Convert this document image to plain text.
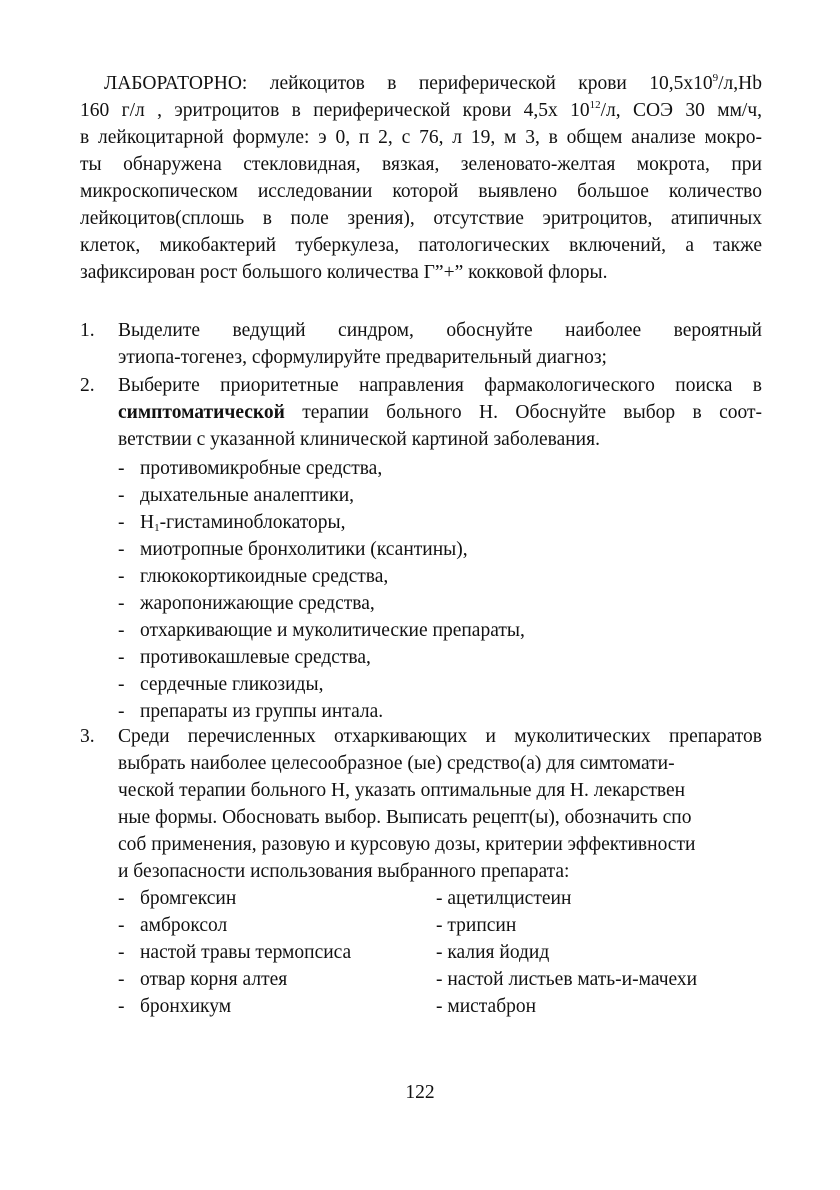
ЛАБОРАТОРНО: лейкоцитов в периферической крови $10,5х10^9/л,Hb$
160 г/л , эритроцитов в периферической крови 4,5х $10^{12}/л$, СОЭ 30 мм/ч,
в лейкоцитарной формуле: э 0, п 2, с 76, л 19, м 3, в общем анализе мокро-
ты обнаружена стекловидная, вязкая, зеленовато-желтая мокрота, при
микроскопическом исследовании которой выявлено большое количество
лейкоцитов(сплошь в поле зрения), отсутствие эритроцитов, атипичных
клеток, микобактерий туберкулеза, патологических включений, а также
зафиксирован рост большого количества Г”+” кокковой флоры.
1. Выделите ведущий синдром, обоснуйте наиболее вероятный
этиопа-тогенез, сформулируйте предварительный диагноз;
2. Выберите приоритетные направления фармакологического поиска в
симптоматической терапии больного Н. Обоснуйте выбор в соот-
ветствии с указанной клинической картиной заболевания.
- противомикробные средства,
- дыхательные аналептики,
- $H_1$-гистаминоблокаторы,
- миотропные бронхолитики (ксантины),
- глюкокортикоидные средства,
- жаропонижающие средства,
- отхаркивающие и муколитические препараты,
- противокашлевые средства,
- сердечные гликозиды,
- препараты из группы интала.
3. Среди перечисленных отхаркивающих и муколитических препаратов
выбрать наиболее целесообразное (ые) средство(а) для симтомати-
ческой терапии больного Н, указать оптимальные для Н. лекарствен
ные формы. Обосновать выбор. Выписать рецепт(ы), обозначить спо
соб применения, разовую и курсовую дозы, критерии эффективности
и безопасности использования выбранного препарата:
- бромгексин	- ацетилцистеин
- амброксол	- трипсин
- настой травы термопсиса	- калия йодид
- отвар корня алтея	- настой листьев мать-и-мачехи
- бронхикум	- мистаброн
122
